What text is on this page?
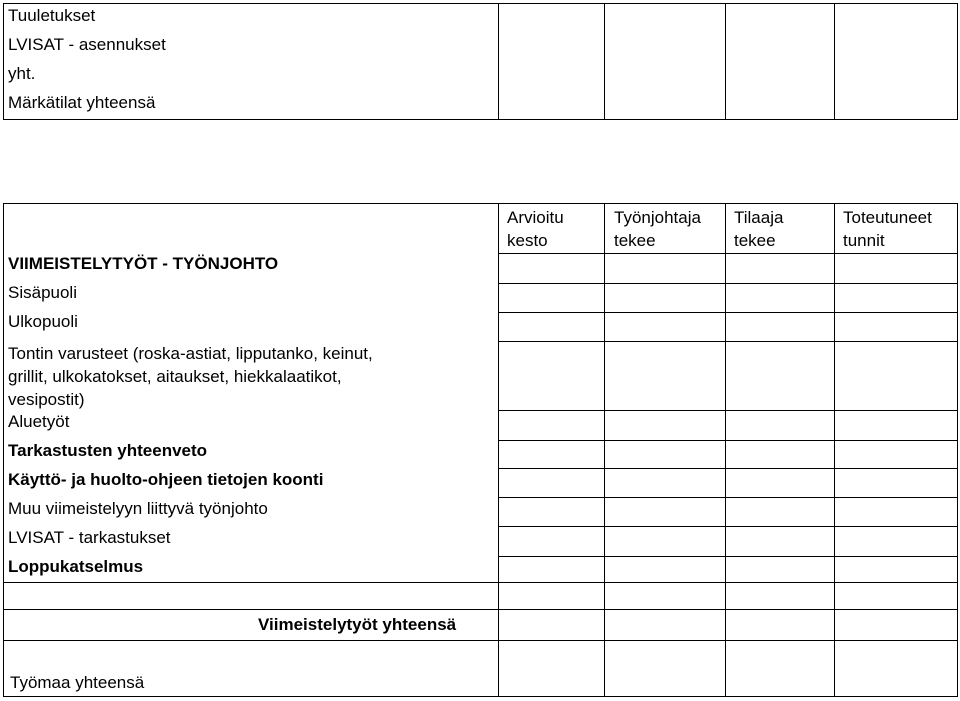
Tuuletukset
LVISAT - asennukset
yht.
Märkätilat yhteensä
Arvioitu
kesto
Työnjohtaja
tekee
Tilaaja
tekee
Toteutuneet
tunnit
VIIMEISTELYTYÖT - TYÖNJOHTO
Sisäpuoli
Ulkopuoli
Tontin varusteet (roska-astiat, lipputanko, keinut,
grillit, ulkokatokset, aitaukset, hiekkalaatikot,
vesipostit)
Aluetyöt
Tarkastusten yhteenveto
Käyttö- ja huolto-ohjeen tietojen koonti
Muu viimeistelyyn liittyvä työnjohto
LVISAT - tarkastukset
Loppukatselmus
Viimeistelytyöt yhteensä
Työmaa yhteensä
